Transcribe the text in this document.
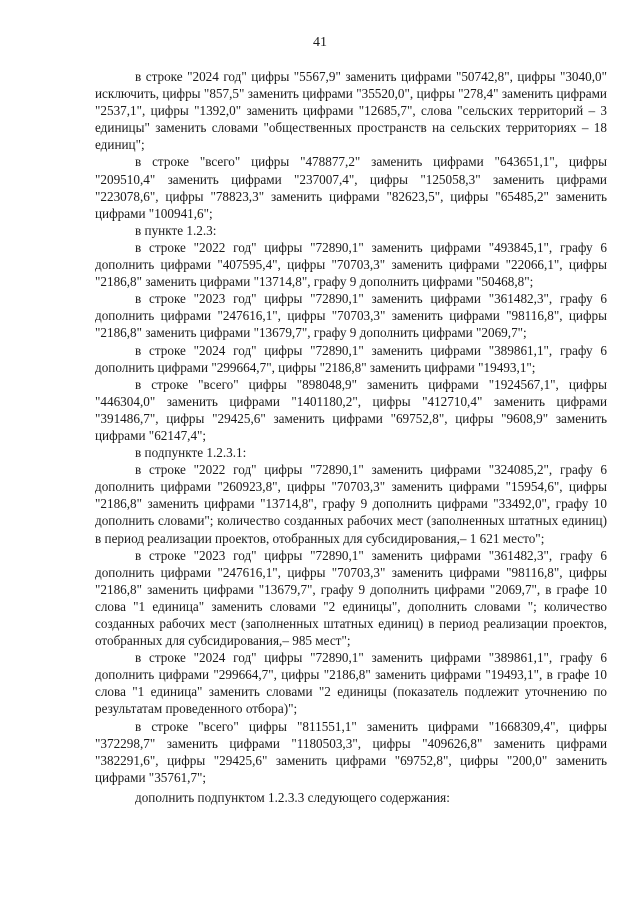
41

в строке "2024 год" цифры "5567,9" заменить цифрами "50742,8", цифры "3040,0" исключить, цифры "857,5" заменить цифрами "35520,0", цифры "278,4" заменить цифрами "2537,1", цифры "1392,0" заменить цифрами "12685,7", слова "сельских территорий – 3 единицы" заменить словами "общественных пространств на сельских территориях – 18 единиц";

в строке "всего" цифры "478877,2" заменить цифрами "643651,1", цифры "209510,4" заменить цифрами "237007,4", цифры "125058,3" заменить цифрами "223078,6", цифры "78823,3" заменить цифрами "82623,5", цифры "65485,2" заменить цифрами "100941,6";

в пункте 1.2.3:

в строке "2022 год" цифры "72890,1" заменить цифрами "493845,1", графу 6 дополнить цифрами "407595,4", цифры "70703,3" заменить цифрами "22066,1", цифры "2186,8" заменить цифрами "13714,8", графу 9 дополнить цифрами "50468,8";

в строке "2023 год" цифры "72890,1" заменить цифрами "361482,3", графу 6 дополнить цифрами "247616,1", цифры "70703,3" заменить цифрами "98116,8", цифры "2186,8" заменить цифрами "13679,7", графу 9 дополнить цифрами "2069,7";

в строке "2024 год" цифры "72890,1" заменить цифрами "389861,1", графу 6 дополнить цифрами "299664,7", цифры "2186,8" заменить цифрами "19493,1";

в строке "всего" цифры "898048,9" заменить цифрами "1924567,1", цифры "446304,0" заменить цифрами "1401180,2", цифры "412710,4" заменить цифрами "391486,7", цифры "29425,6" заменить цифрами "69752,8", цифры "9608,9" заменить цифрами "62147,4";

в подпункте 1.2.3.1:

в строке "2022 год" цифры "72890,1" заменить цифрами "324085,2", графу 6 дополнить цифрами "260923,8", цифры "70703,3" заменить цифрами "15954,6", цифры "2186,8" заменить цифрами "13714,8", графу 9 дополнить цифрами "33492,0", графу 10 дополнить словами"; количество созданных рабочих мест (заполненных штатных единиц) в период реализации проектов, отобранных для субсидирования,– 1 621 место";

в строке "2023 год" цифры "72890,1" заменить цифрами "361482,3", графу 6 дополнить цифрами "247616,1", цифры "70703,3" заменить цифрами "98116,8", цифры "2186,8" заменить цифрами "13679,7", графу 9 дополнить цифрами "2069,7", в графе 10 слова "1 единица" заменить словами "2 единицы", дополнить словами "; количество созданных рабочих мест (заполненных штатных единиц) в период реализации проектов, отобранных для субсидирования,– 985 мест";

в строке "2024 год" цифры "72890,1" заменить цифрами "389861,1", графу 6 дополнить цифрами "299664,7", цифры "2186,8" заменить цифрами "19493,1", в графе 10 слова "1 единица" заменить словами "2 единицы (показатель подлежит уточнению по результатам проведенного отбора)";

в строке "всего" цифры "811551,1" заменить цифрами "1668309,4", цифры "372298,7" заменить цифрами "1180503,3", цифры "409626,8" заменить цифрами "382291,6", цифры "29425,6" заменить цифрами "69752,8", цифры "200,0" заменить цифрами "35761,7";

дополнить подпунктом 1.2.3.3 следующего содержания:
